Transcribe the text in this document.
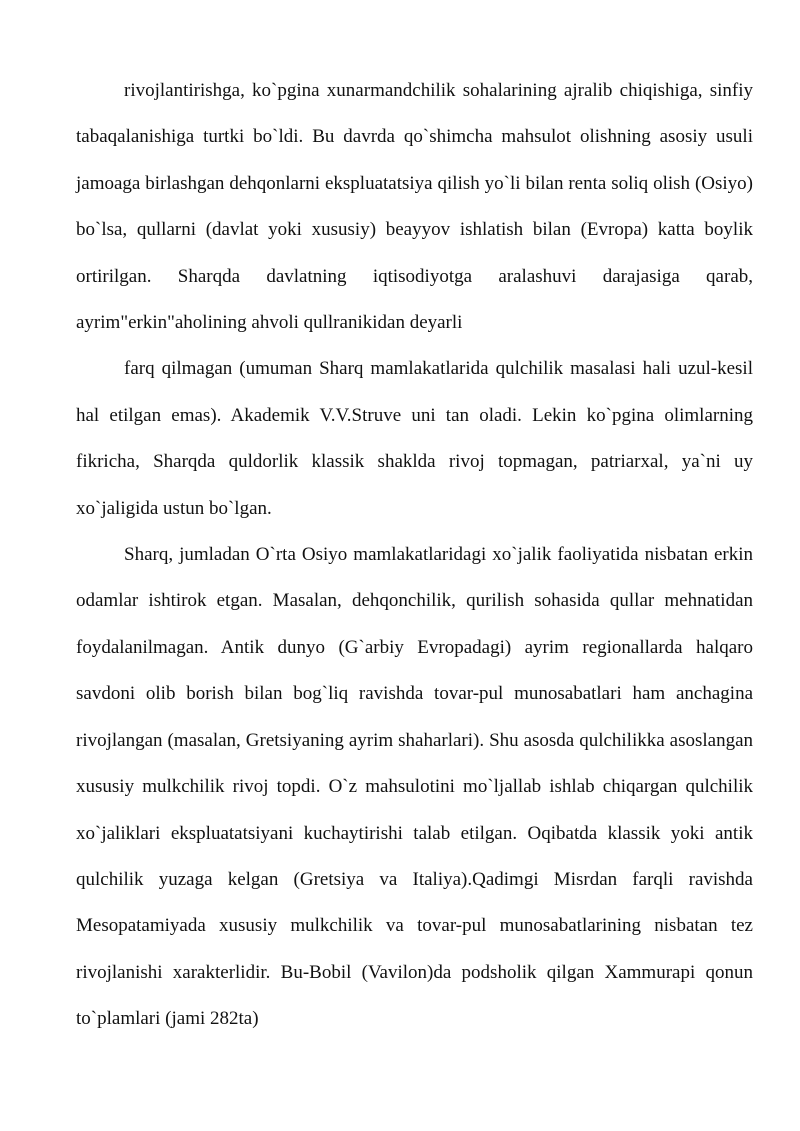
rivojlantirishga, ko`pgina xunarmandchilik sohalarining ajralib chiqishiga, sinfiy tabaqalanishiga turtki bo`ldi. Bu davrda qo`shimcha mahsulot olishning asosiy usuli jamoaga birlashgan dehqonlarni ekspluatatsiya qilish yo`li bilan renta soliq olish (Osiyo) bo`lsa, qullarni (davlat yoki xususiy) beayyov ishlatish bilan (Evropa) katta boylik ortirilgan. Sharqda davlatning iqtisodiyotga aralashuvi darajasiga qarab, ayrim"erkin"aholining ahvoli qullranikidan deyarli

farq qilmagan (umuman Sharq mamlakatlarida qulchilik masalasi hali uzul-kesil hal etilgan emas). Akademik V.V.Struve uni tan oladi. Lekin ko`pgina olimlarning fikricha, Sharqda quldorlik klassik shaklda rivoj topmagan, patriarxal, ya`ni uy xo`jaligida ustun bo`lgan.

Sharq, jumladan O`rta Osiyo mamlakatlaridagi xo`jalik faoliyatida nisbatan erkin odamlar ishtirok etgan. Masalan, dehqonchilik, qurilish sohasida qullar mehnatidan foydalanilmagan. Antik dunyo (G`arbiy Evropadagi) ayrim regionallarda halqaro savdoni olib borish bilan bog`liq ravishda tovar-pul munosabatlari ham anchagina rivojlangan (masalan, Gretsiyaning ayrim shaharlari). Shu asosda qulchilikka asoslangan xususiy mulkchilik rivoj topdi. O`z mahsulotini mo`ljallab ishlab chiqargan qulchilik xo`jaliklari ekspluatatsiyani kuchaytirishi talab etilgan. Oqibatda klassik yoki antik qulchilik yuzaga kelgan (Gretsiya va Italiya).Qadimgi Misrdan farqli ravishda Mesopatamiyada xususiy mulkchilik va tovar-pul munosabatlarining nisbatan tez rivojlanishi xarakterlidir. Bu-Bobil (Vavilon)da podsholik qilgan Xammurapi qonun to`plamlari (jami 282ta)
